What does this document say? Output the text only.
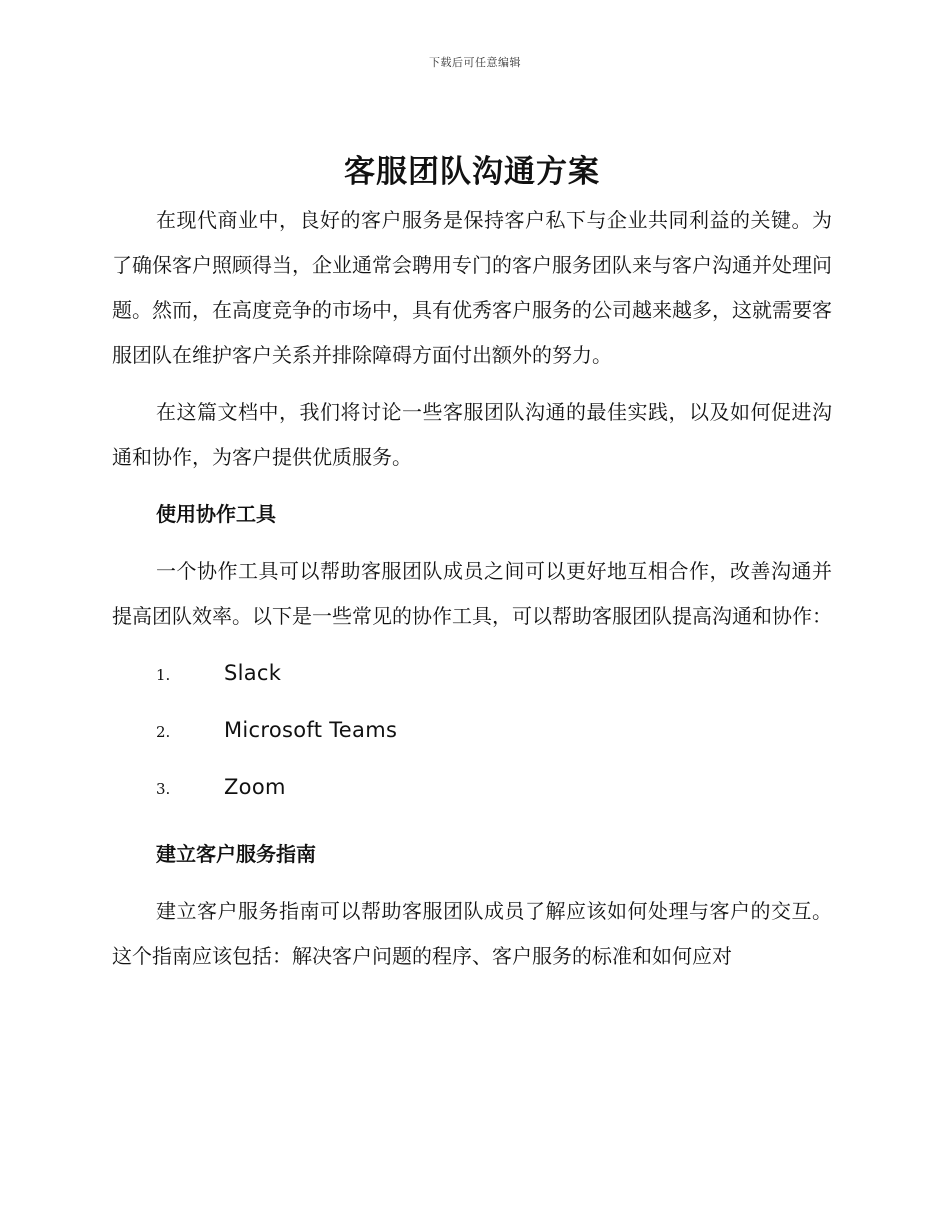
下载后可任意编辑
客服团队沟通方案

在现代商业中，良好的客户服务是保持客户私下与企业共同利益的关键。为了确保客户照顾得当，企业通常会聘用专门的客户服务团队来与客户沟通并处理问题。然而，在高度竞争的市场中，具有优秀客户服务的公司越来越多，这就需要客服团队在维护客户关系并排除障碍方面付出额外的努力。

在这篇文档中，我们将讨论一些客服团队沟通的最佳实践，以及如何促进沟通和协作，为客户提供优质服务。

使用协作工具

一个协作工具可以帮助客服团队成员之间可以更好地互相合作，改善沟通并提高团队效率。以下是一些常见的协作工具，可以帮助客服团队提高沟通和协作：

1.	Slack
2.	Microsoft Teams
3.	Zoom
建立客户服务指南

建立客户服务指南可以帮助客服团队成员了解应该如何处理与客户的交互。这个指南应该包括：解决客户问题的程序、客户服务的标准和如何应对
